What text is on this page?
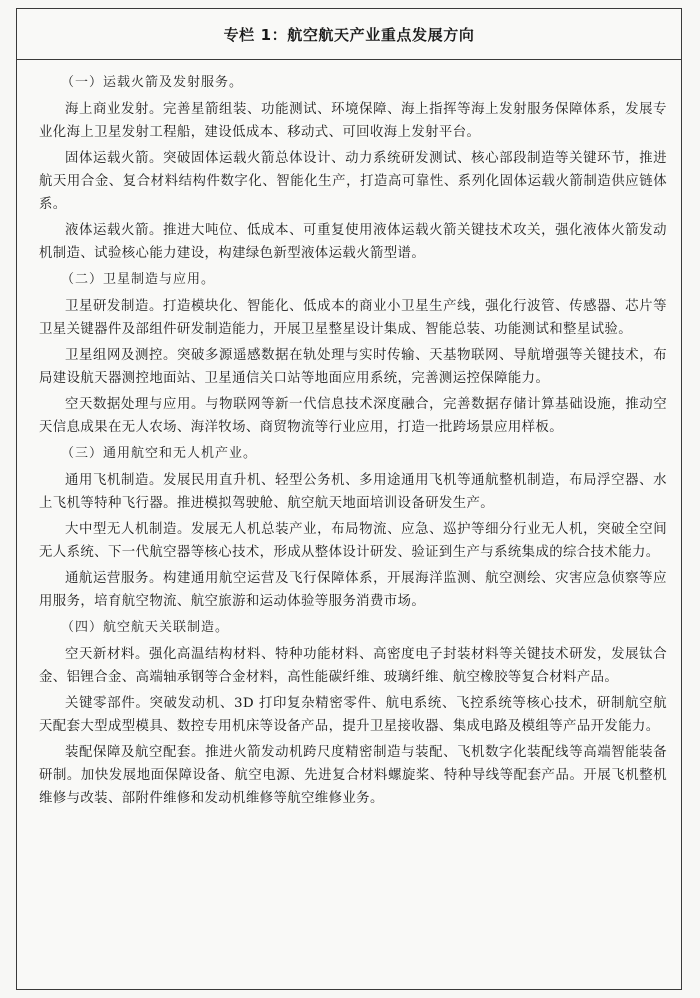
专栏 1：航空航天产业重点发展方向

（一）运载火箭及发射服务。

海上商业发射。完善星箭组装、功能测试、环境保障、海上指挥等海上发射服务保障体系，发展专业化海上卫星发射工程船，建设低成本、移动式、可回收海上发射平台。

固体运载火箭。突破固体运载火箭总体设计、动力系统研发测试、核心部段制造等关键环节，推进航天用合金、复合材料结构件数字化、智能化生产，打造高可靠性、系列化固体运载火箭制造供应链体系。

液体运载火箭。推进大吨位、低成本、可重复使用液体运载火箭关键技术攻关，强化液体火箭发动机制造、试验核心能力建设，构建绿色新型液体运载火箭型谱。

（二）卫星制造与应用。

卫星研发制造。打造模块化、智能化、低成本的商业小卫星生产线，强化行波管、传感器、芯片等卫星关键器件及部组件研发制造能力，开展卫星整星设计集成、智能总装、功能测试和整星试验。

卫星组网及测控。突破多源遥感数据在轨处理与实时传输、天基物联网、导航增强等关键技术，布局建设航天器测控地面站、卫星通信关口站等地面应用系统，完善测运控保障能力。

空天数据处理与应用。与物联网等新一代信息技术深度融合，完善数据存储计算基础设施，推动空天信息成果在无人农场、海洋牧场、商贸物流等行业应用，打造一批跨场景应用样板。

（三）通用航空和无人机产业。

通用飞机制造。发展民用直升机、轻型公务机、多用途通用飞机等通航整机制造，布局浮空器、水上飞机等特种飞行器。推进模拟驾驶舱、航空航天地面培训设备研发生产。

大中型无人机制造。发展无人机总装产业，布局物流、应急、巡护等细分行业无人机，突破全空间无人系统、下一代航空器等核心技术，形成从整体设计研发、验证到生产与系统集成的综合技术能力。

通航运营服务。构建通用航空运营及飞行保障体系，开展海洋监测、航空测绘、灾害应急侦察等应用服务，培育航空物流、航空旅游和运动体验等服务消费市场。

（四）航空航天关联制造。

空天新材料。强化高温结构材料、特种功能材料、高密度电子封装材料等关键技术研发，发展钛合金、铝锂合金、高端轴承钢等合金材料，高性能碳纤维、玻璃纤维、航空橡胶等复合材料产品。

关键零部件。突破发动机、3D 打印复杂精密零件、航电系统、飞控系统等核心技术，研制航空航天配套大型成型模具、数控专用机床等设备产品，提升卫星接收器、集成电路及模组等产品开发能力。

装配保障及航空配套。推进火箭发动机跨尺度精密制造与装配、飞机数字化装配线等高端智能装备研制。加快发展地面保障设备、航空电源、先进复合材料螺旋桨、特种导线等配套产品。开展飞机整机维修与改装、部附件维修和发动机维修等航空维修业务。
